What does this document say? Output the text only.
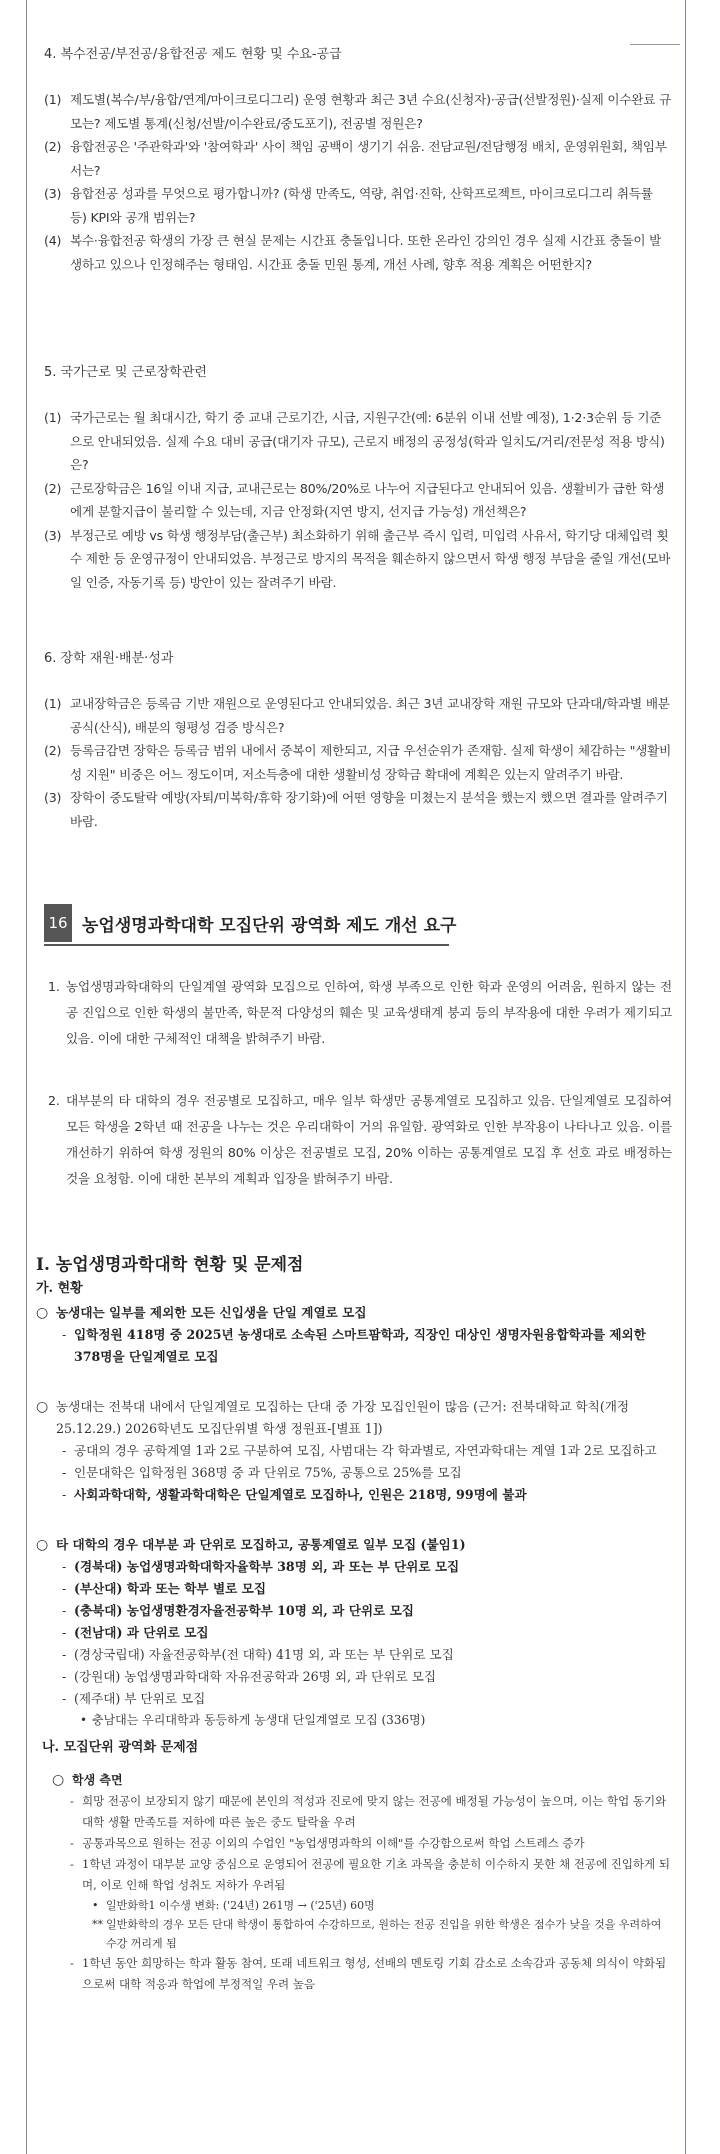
4. 복수전공/부전공/융합전공 제도 현황 및 수요-공급

(1) 제도별(복수/부/융합/연계/마이크로디그리) 운영 현황과 최근 3년 수요(신청자)·공급(선발정원)·실제 이수완료 규모는? 제도별 통계(신청/선발/이수완료/중도포기), 전공별 정원은?
(2) 융합전공은 '주관학과'와 '참여학과' 사이 책임 공백이 생기기 쉬움. 전담교원/전담행정 배치, 운영위원회, 책임부서는?
(3) 융합전공 성과를 무엇으로 평가합니까? (학생 만족도, 역량, 취업·진학, 산학프로젝트, 마이크로디그리 취득률 등) KPI와 공개 범위는?
(4) 복수·융합전공 학생의 가장 큰 현실 문제는 시간표 충돌입니다. 또한 온라인 강의인 경우 실제 시간표 충돌이 발생하고 있으나 인정해주는 형태임. 시간표 충돌 민원 통계, 개선 사례, 향후 적용 계획은 어떤한지?

5. 국가근로 및 근로장학관련

(1) 국가근로는 월 최대시간, 학기 중 교내 근로기간, 시급, 지원구간(예: 6분위 이내 선발 예정), 1·2·3순위 등 기준으로 안내되었음. 실제 수요 대비 공급(대기자 규모), 근로지 배정의 공정성(학과 일치도/거리/전문성 적용 방식)은?
(2) 근로장학금은 16일 이내 지급, 교내근로는 80%/20%로 나누어 지급된다고 안내되어 있음. 생활비가 급한 학생에게 분할지급이 불리할 수 있는데, 지금 안정화(지연 방지, 선지급 가능성) 개선책은?
(3) 부정근로 예방 vs 학생 행정부담(출근부) 최소화하기 위해 출근부 즉시 입력, 미입력 사유서, 학기당 대체입력 횟수 제한 등 운영규정이 안내되었음. 부정근로 방지의 목적을 훼손하지 않으면서 학생 행정 부담을 줄일 개선(모바일 인증, 자동기록 등) 방안이 있는 잘려주기 바람.

6. 장학 재원·배분·성과

(1) 교내장학금은 등록금 기반 재원으로 운영된다고 안내되었음. 최근 3년 교내장학 재원 규모와 단과대/학과별 배분 공식(산식), 배분의 형평성 검증 방식은?
(2) 등록금감면 장학은 등록금 범위 내에서 중복이 제한되고, 지급 우선순위가 존재함. 실제 학생이 체감하는 "생활비성 지원" 비중은 어느 정도이며, 저소득층에 대한 생활비성 장학금 확대에 계획은 있는지 알려주기 바람.
(3) 장학이 중도탈락 예방(자퇴/미복학/휴학 장기화)에 어떤 영향을 미쳤는지 분석을 했는지 했으면 결과를 알려주기 바람.
16 농업생명과학대학 모집단위 광역화 제도 개선 요구
1. 농업생명과학대학의 단일계열 광역화 모집으로 인하여, 학생 부족으로 인한 학과 운영의 어려움, 원하지 않는 전공 진입으로 인한 학생의 불만족, 학문적 다양성의 훼손 및 교육생태계 붕괴 등의 부작용에 대한 우려가 제기되고 있음. 이에 대한 구체적인 대책을 밝혀주기 바람.
2. 대부분의 타 대학의 경우 전공별로 모집하고, 매우 일부 학생만 공통계열로 모집하고 있음. 단일계열로 모집하여 모든 학생을 2학년 때 전공을 나누는 것은 우리대학이 거의 유일함. 광역화로 인한 부작용이 나타나고 있음. 이를 개선하기 위하여 학생 정원의 80% 이상은 전공별로 모집, 20% 이하는 공통계열로 모집 후 선호 과로 배정하는 것을 요청함. 이에 대한 본부의 계획과 입장을 밝혀주기 바람.
I. 농업생명과학대학 현황 및 문제점
가. 현황
○ 농생대는 일부를 제외한 모든 신입생을 단일 계열로 모집
- 입학정원 418명 중 2025년 농생대로 소속된 스마트팜학과, 직장인 대상인 생명자원융합학과를 제외한 378명을 단일계열로 모집
○ 농생대는 전북대 내에서 단일계열로 모집하는 단대 중 가장 모집인원이 많음 (근거: 전북대학교 학칙(개정 25.12.29.) 2026학년도 모집단위별 학생 정원표-[별표 1])
- 공대의 경우 공학계열 1과 2로 구분하여 모집, 사범대는 각 학과별로, 자연과학대는 계열 1과 2로 모집하고
- 인문대학은 입학정원 368명 중 과 단위로 75%, 공통으로 25%를 모집
- 사회과학대학, 생활과학대학은 단일계열로 모집하나, 인원은 218명, 99명에 불과
○ 타 대학의 경우 대부분 과 단위로 모집하고, 공통계열로 일부 모집 (붙임1)
- (경북대) 농업생명과학대학자율학부 38명 외, 과 또는 부 단위로 모집
- (부산대) 학과 또는 학부 별로 모집
- (충북대) 농업생명환경자율전공학부 10명 외, 과 단위로 모집
- (전남대) 과 단위로 모집
- (경상국립대) 자율전공학부(전 대학) 41명 외, 과 또는 부 단위로 모집
- (강원대) 농업생명과학대학 자유전공학과 26명 외, 과 단위로 모집
- (제주대) 부 단위로 모집
• 충남대는 우리대학과 동등하게 농생대 단일계열로 모집 (336명)
나. 모집단위 광역화 문제점
○ 학생 측면
- 희망 전공이 보장되지 않기 때문에 본인의 적성과 진로에 맞지 않는 전공에 배정될 가능성이 높으며, 이는 학업 동기와 대학 생활 만족도를 저하에 따른 높은 중도 탈락율 우려
- 공통과목으로 원하는 전공 이외의 수업인 "농업생명과학의 이해"를 수강함으로써 학업 스트레스 증가
- 1학년 과정이 대부분 교양 중심으로 운영되어 전공에 필요한 기초 과목을 충분히 이수하지 못한 채 전공에 진입하게 되며, 이로 인해 학업 성취도 저하가 우려됨
• 일반화학1 이수생 변화: ('24년) 261명 → ('25년) 60명
** 일반화학의 경우 모든 단대 학생이 통합하여 수강하므로, 원하는 전공 진입을 위한 학생은 점수가 낮을 것을 우려하여 수강 꺼리게 됨
- 1학년 동안 희망하는 학과 활동 참여, 또래 네트워크 형성, 선배의 멘토링 기회 감소로 소속감과 공동체 의식이 약화됨으로써 대학 적응과 학업에 부정적일 우려 높음
